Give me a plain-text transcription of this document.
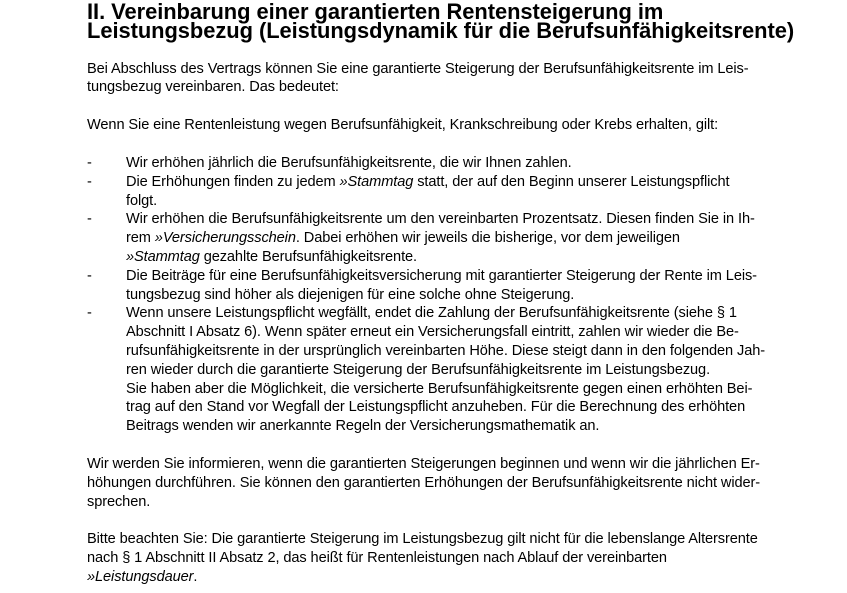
II. Vereinbarung einer garantierten Rentensteigerung im Leistungsbezug (Leistungsdynamik für die Berufsunfähigkeitsrente)

Bei Abschluss des Vertrags können Sie eine garantierte Steigerung der Berufsunfähigkeitsrente im Leis-
tungsbezug vereinbaren. Das bedeutet:

Wenn Sie eine Rentenleistung wegen Berufsunfähigkeit, Krankschreibung oder Krebs erhalten, gilt:

-	Wir erhöhen jährlich die Berufsunfähigkeitsrente, die wir Ihnen zahlen.
-	Die Erhöhungen finden zu jedem »Stammtag statt, der auf den Beginn unserer Leistungspflicht
folgt.
-	Wir erhöhen die Berufsunfähigkeitsrente um den vereinbarten Prozentsatz. Diesen finden Sie in Ih-
rem »Versicherungsschein. Dabei erhöhen wir jeweils die bisherige, vor dem jeweiligen
»Stammtag gezahlte Berufsunfähigkeitsrente.
-	Die Beiträge für eine Berufsunfähigkeitsversicherung mit garantierter Steigerung der Rente im Leis-
tungsbezug sind höher als diejenigen für eine solche ohne Steigerung.
-	Wenn unsere Leistungspflicht wegfällt, endet die Zahlung der Berufsunfähigkeitsrente (siehe § 1
Abschnitt I Absatz 6). Wenn später erneut ein Versicherungsfall eintritt, zahlen wir wieder die Be-
rufsunfähigkeitsrente in der ursprünglich vereinbarten Höhe. Diese steigt dann in den folgenden Jah-
ren wieder durch die garantierte Steigerung der Berufsunfähigkeitsrente im Leistungsbezug.
Sie haben aber die Möglichkeit, die versicherte Berufsunfähigkeitsrente gegen einen erhöhten Bei-
trag auf den Stand vor Wegfall der Leistungspflicht anzuheben. Für die Berechnung des erhöhten
Beitrags wenden wir anerkannte Regeln der Versicherungsmathematik an.

Wir werden Sie informieren, wenn die garantierten Steigerungen beginnen und wenn wir die jährlichen Er-
höhungen durchführen. Sie können den garantierten Erhöhungen der Berufsunfähigkeitsrente nicht wider-
sprechen.

Bitte beachten Sie: Die garantierte Steigerung im Leistungsbezug gilt nicht für die lebenslange Altersrente
nach § 1 Abschnitt II Absatz 2, das heißt für Rentenleistungen nach Ablauf der vereinbarten
»Leistungsdauer.
